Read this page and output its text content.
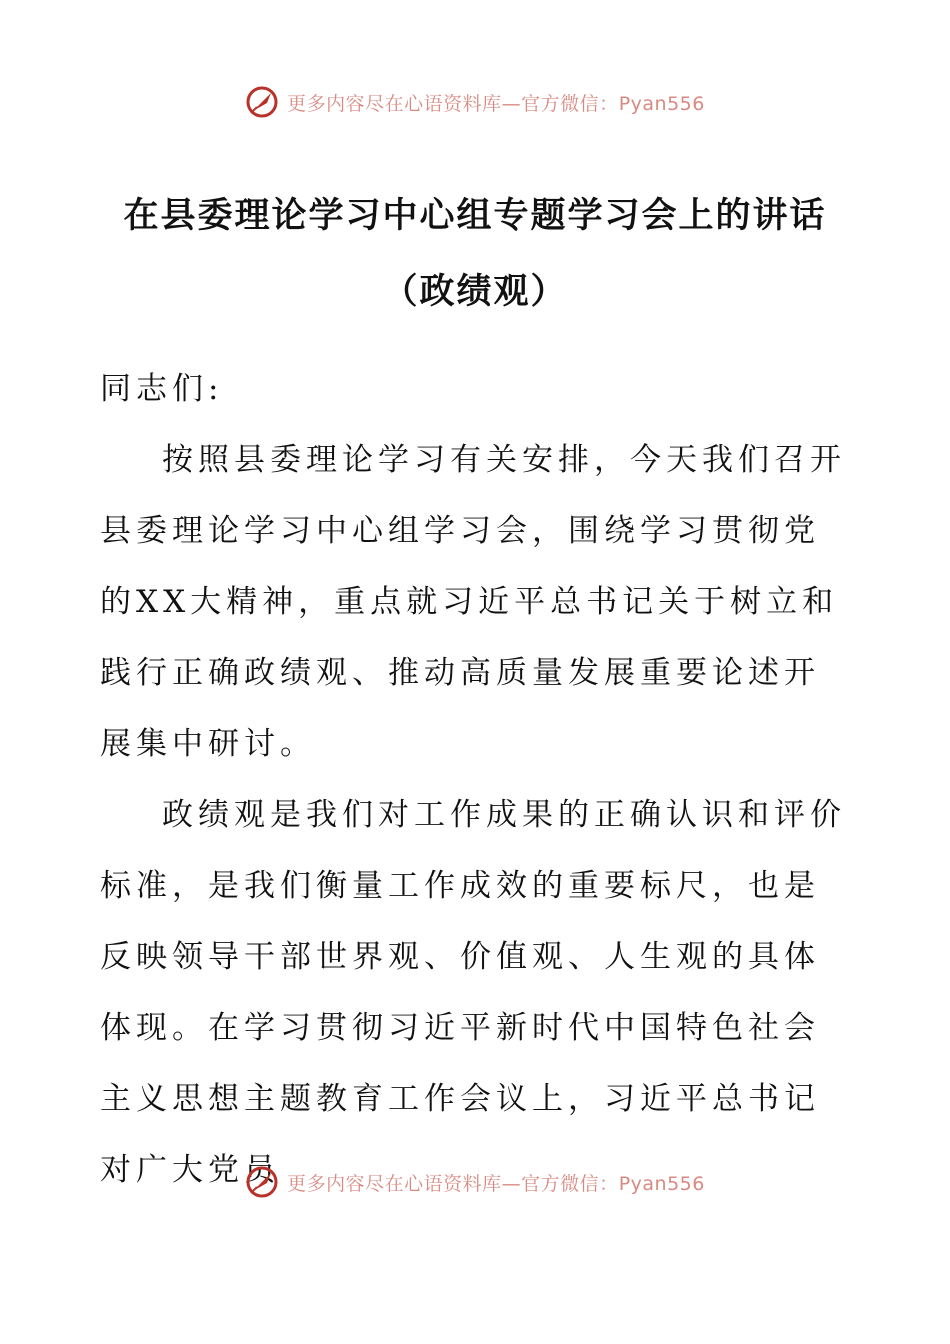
更多内容尽在心语资料库—官方微信：Pyan556
在县委理论学习中心组专题学习会上的讲话（政绩观）

同志们:

按照县委理论学习有关安排，今天我们召开县委理论学习中心组学习会，围绕学习贯彻党的XX大精神，重点就习近平总书记关于树立和践行正确政绩观、推动高质量发展重要论述开展集中研讨。

政绩观是我们对工作成果的正确认识和评价标准，是我们衡量工作成效的重要标尺，也是反映领导干部世界观、价值观、人生观的具体体现。在学习贯彻习近平新时代中国特色社会主义思想主题教育工作会议上，习近平总书记对广大党员 更多内容尽在心语资料库—官方微信：Pyan556
